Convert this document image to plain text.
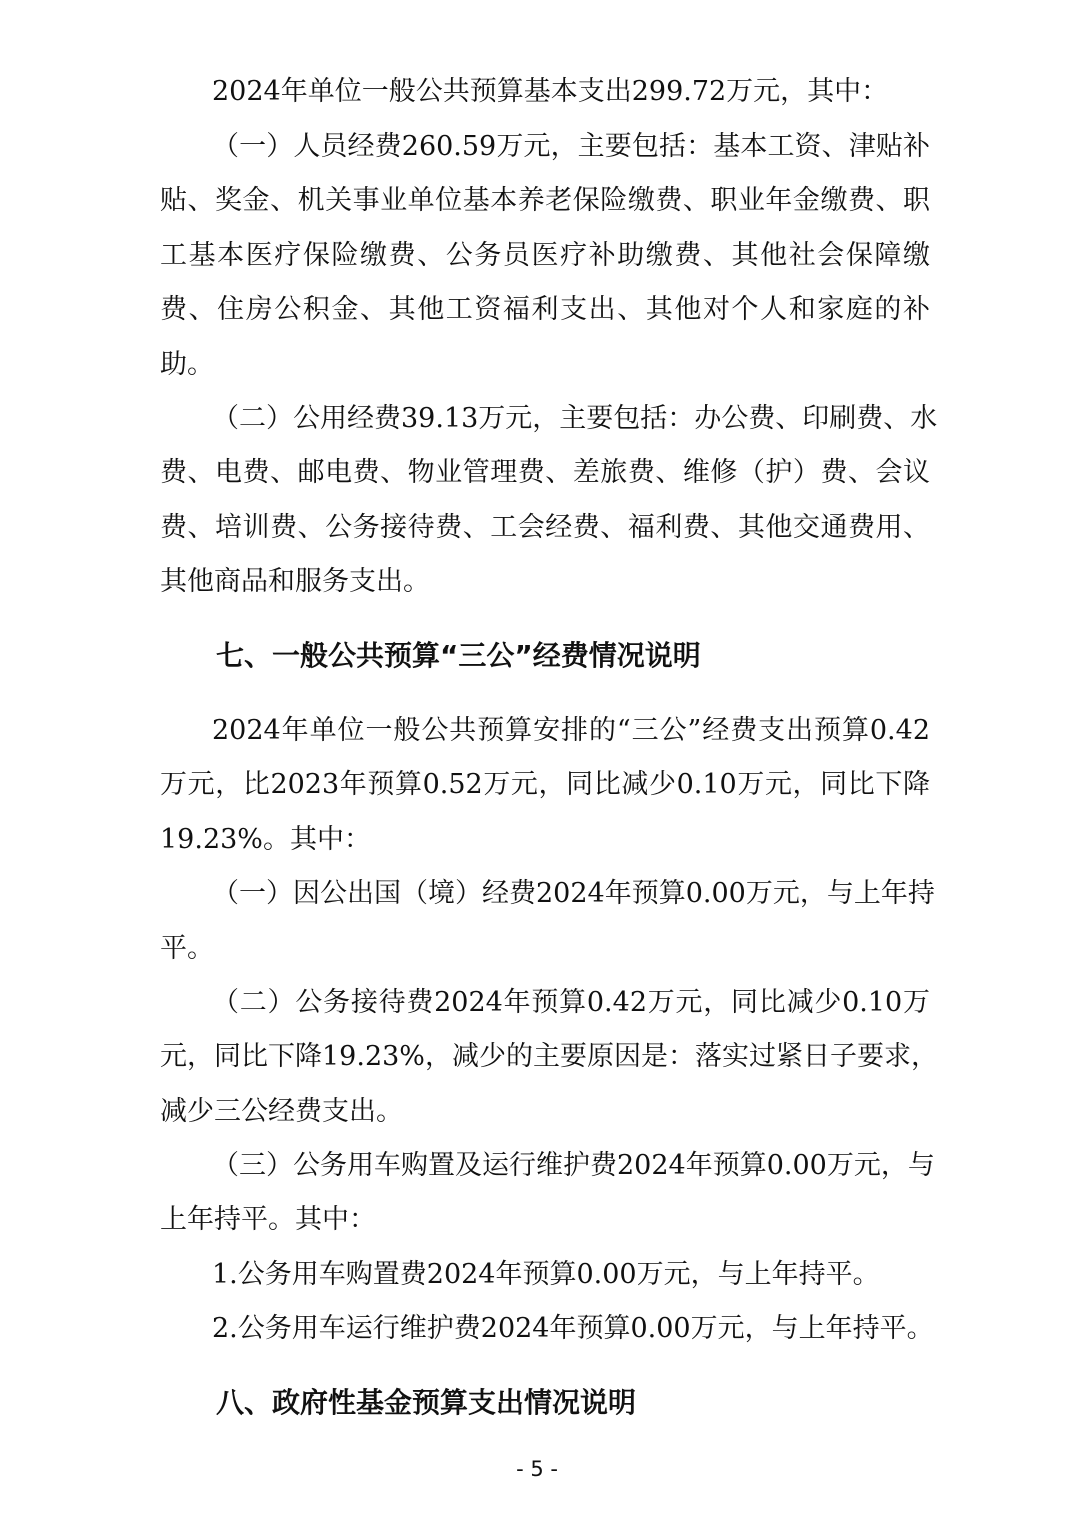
2024年单位一般公共预算基本支出299.72万元，其中：
（一）人员经费260.59万元，主要包括：基本工资、津贴补
贴、奖金、机关事业单位基本养老保险缴费、职业年金缴费、职
工基本医疗保险缴费、公务员医疗补助缴费、其他社会保障缴
费、住房公积金、其他工资福利支出、其他对个人和家庭的补
助。
（二）公用经费39.13万元，主要包括：办公费、印刷费、水
费、电费、邮电费、物业管理费、差旅费、维修（护）费、会议
费、培训费、公务接待费、工会经费、福利费、其他交通费用、
其他商品和服务支出。
七、一般公共预算“三公”经费情况说明
2024年单位一般公共预算安排的“三公”经费支出预算0.42
万元，比2023年预算0.52万元，同比减少0.10万元，同比下降
19.23%。其中：
（一）因公出国（境）经费2024年预算0.00万元，与上年持
平。
（二）公务接待费2024年预算0.42万元，同比减少0.10万
元，同比下降19.23%，减少的主要原因是：落实过紧日子要求，
减少三公经费支出。
（三）公务用车购置及运行维护费2024年预算0.00万元，与
上年持平。其中：
1.公务用车购置费2024年预算0.00万元，与上年持平。
2.公务用车运行维护费2024年预算0.00万元，与上年持平。
八、政府性基金预算支出情况说明
- 5 -
